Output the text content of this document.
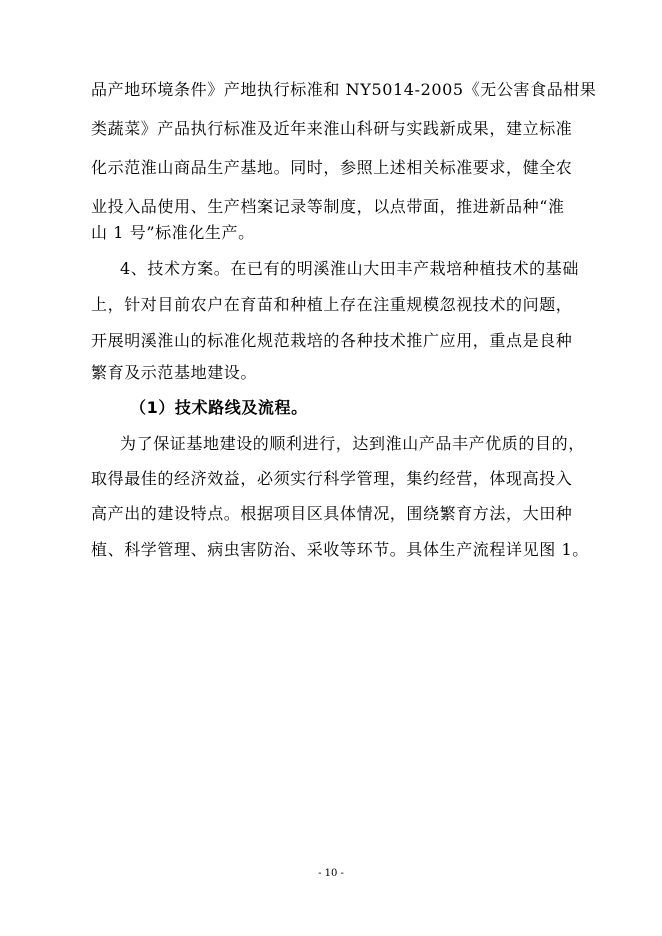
品产地环境条件》产地执行标准和 NY5014-2005《无公害食品柑果
类蔬菜》产品执行标准及近年来淮山科研与实践新成果，建立标准
化示范淮山商品生产基地。同时，参照上述相关标准要求，健全农
业投入品使用、生产档案记录等制度，以点带面，推进新品种“淮
山 1 号”标准化生产。
4、技术方案。在已有的明溪淮山大田丰产栽培种植技术的基础
上，针对目前农户在育苗和种植上存在注重规模忽视技术的问题，
开展明溪淮山的标准化规范栽培的各种技术推广应用，重点是良种
繁育及示范基地建设。
（1）技术路线及流程。
为了保证基地建设的顺利进行，达到淮山产品丰产优质的目的，
取得最佳的经济效益，必须实行科学管理，集约经营，体现高投入
高产出的建设特点。根据项目区具体情况，围绕繁育方法，大田种
植、科学管理、病虫害防治、采收等环节。具体生产流程详见图 1。
- 10 -
